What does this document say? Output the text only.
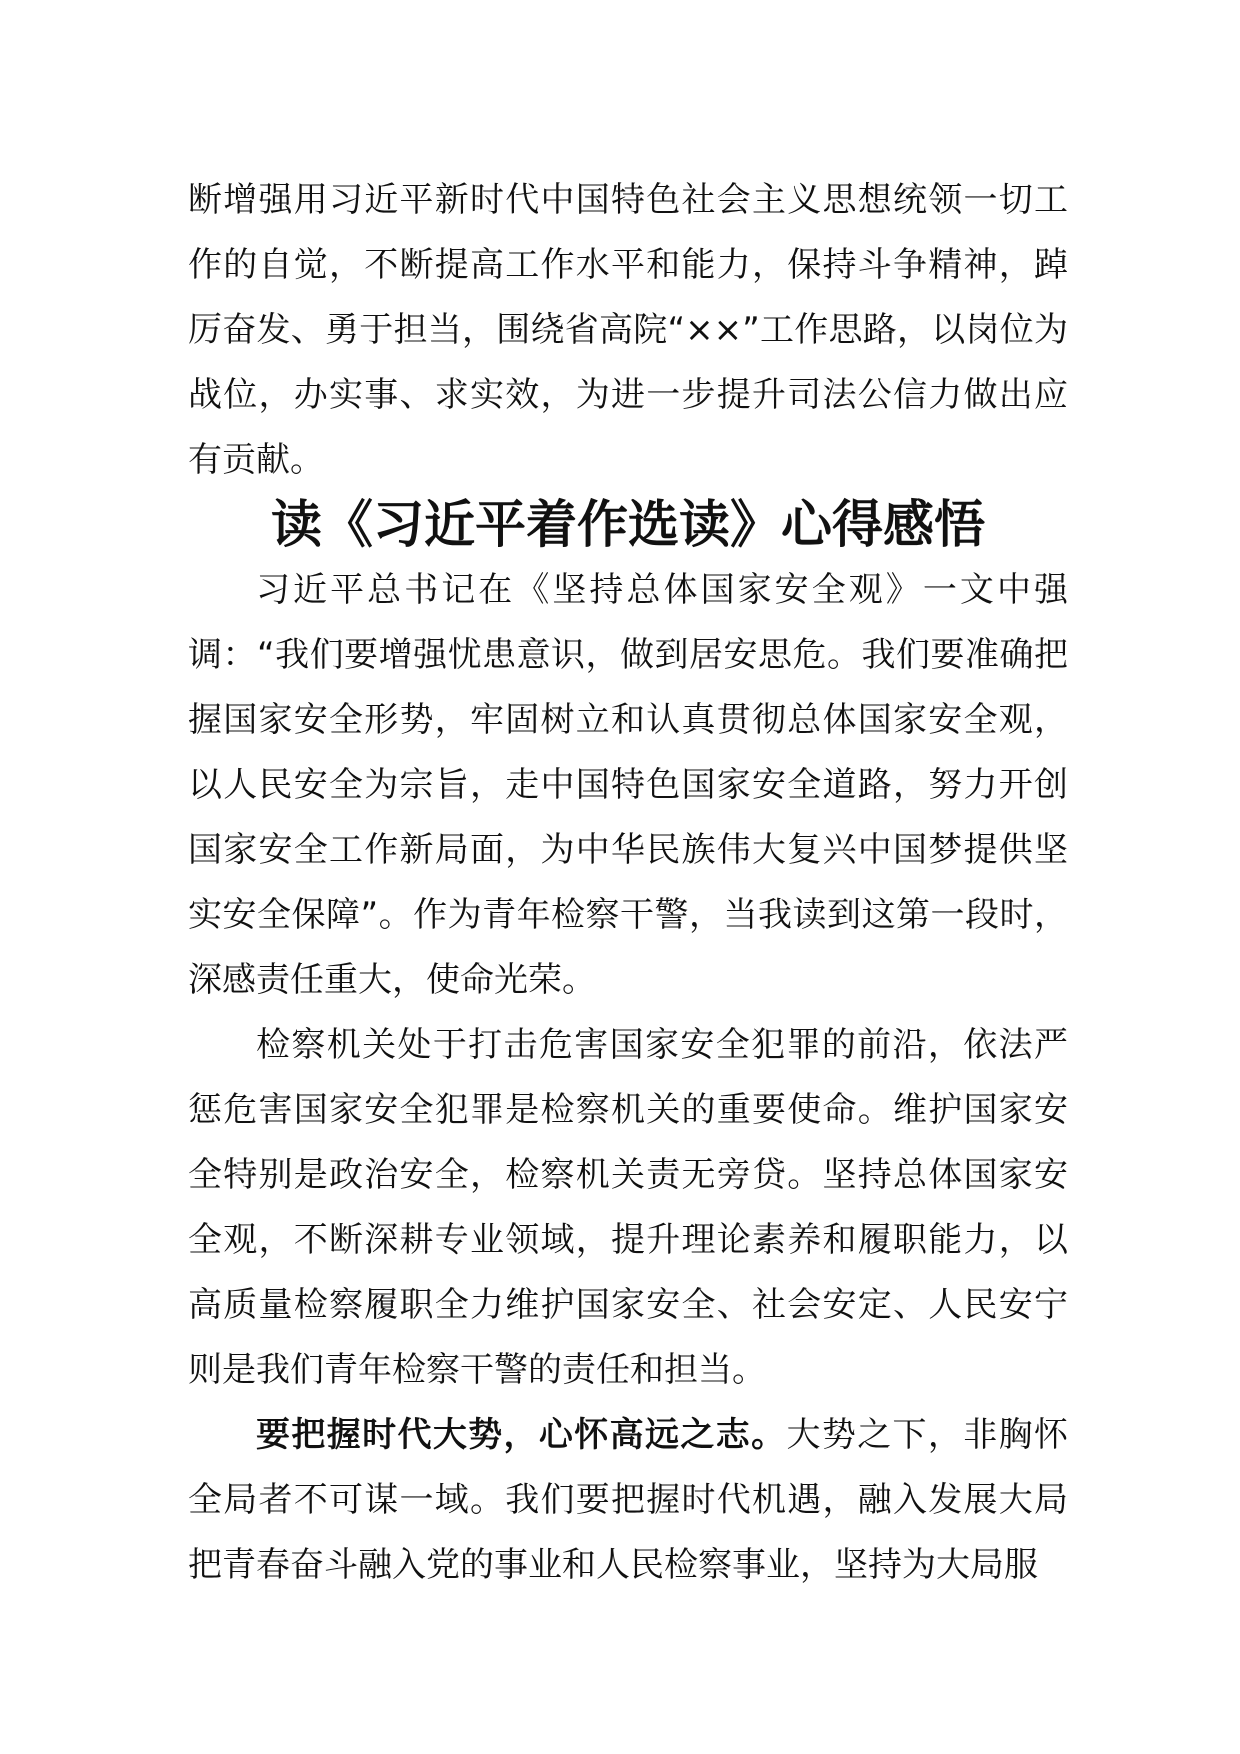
断增强用习近平新时代中国特色社会主义思想统领一切工作的自觉，不断提高工作水平和能力，保持斗争精神，踔厉奋发、勇于担当，围绕省高院“××”工作思路，以岗位为战位，办实事、求实效，为进一步提升司法公信力做出应有贡献。

读《习近平着作选读》心得感悟

习近平总书记在《坚持总体国家安全观》一文中强调：“我们要增强忧患意识，做到居安思危。我们要准确把握国家安全形势，牢固树立和认真贯彻总体国家安全观，以人民安全为宗旨，走中国特色国家安全道路，努力开创国家安全工作新局面，为中华民族伟大复兴中国梦提供坚实安全保障”。作为青年检察干警，当我读到这第一段时，深感责任重大，使命光荣。

检察机关处于打击危害国家安全犯罪的前沿，依法严惩危害国家安全犯罪是检察机关的重要使命。维护国家安全特别是政治安全，检察机关责无旁贷。坚持总体国家安全观，不断深耕专业领域，提升理论素养和履职能力，以高质量检察履职全力维护国家安全、社会安定、人民安宁则是我们青年检察干警的责任和担当。

要把握时代大势，心怀高远之志。大势之下，非胸怀全局者不可谋一域。我们要把握时代机遇，融入发展大局把青春奋斗融入党的事业和人民检察事业，坚持为大局服
